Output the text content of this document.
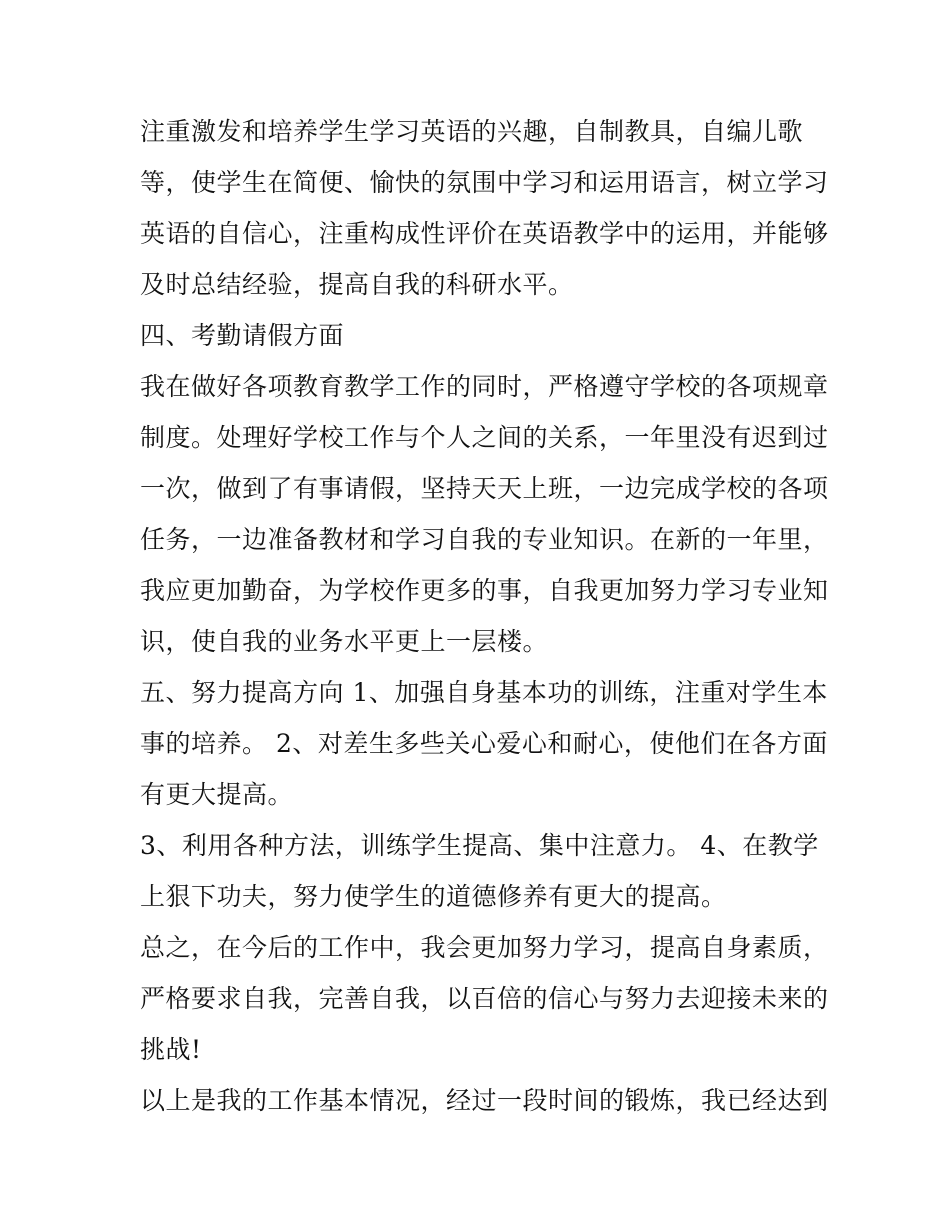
注重激发和培养学生学习英语的兴趣，自制教具，自编儿歌
等，使学生在简便、愉快的氛围中学习和运用语言，树立学习
英语的自信心，注重构成性评价在英语教学中的运用，并能够
及时总结经验，提高自我的科研水平。
四、考勤请假方面
我在做好各项教育教学工作的同时，严格遵守学校的各项规章
制度。处理好学校工作与个人之间的关系，一年里没有迟到过
一次，做到了有事请假，坚持天天上班，一边完成学校的各项
任务，一边准备教材和学习自我的专业知识。在新的一年里，
我应更加勤奋，为学校作更多的事，自我更加努力学习专业知
识，使自我的业务水平更上一层楼。
五、努力提高方向 1、加强自身基本功的训练，注重对学生本
事的培养。 2、对差生多些关心爱心和耐心，使他们在各方面
有更大提高。
3、利用各种方法，训练学生提高、集中注意力。 4、在教学
上狠下功夫，努力使学生的道德修养有更大的提高。
总之，在今后的工作中，我会更加努力学习，提高自身素质，
严格要求自我，完善自我，以百倍的信心与努力去迎接未来的
挑战!
以上是我的工作基本情况，经过一段时间的锻炼，我已经达到
